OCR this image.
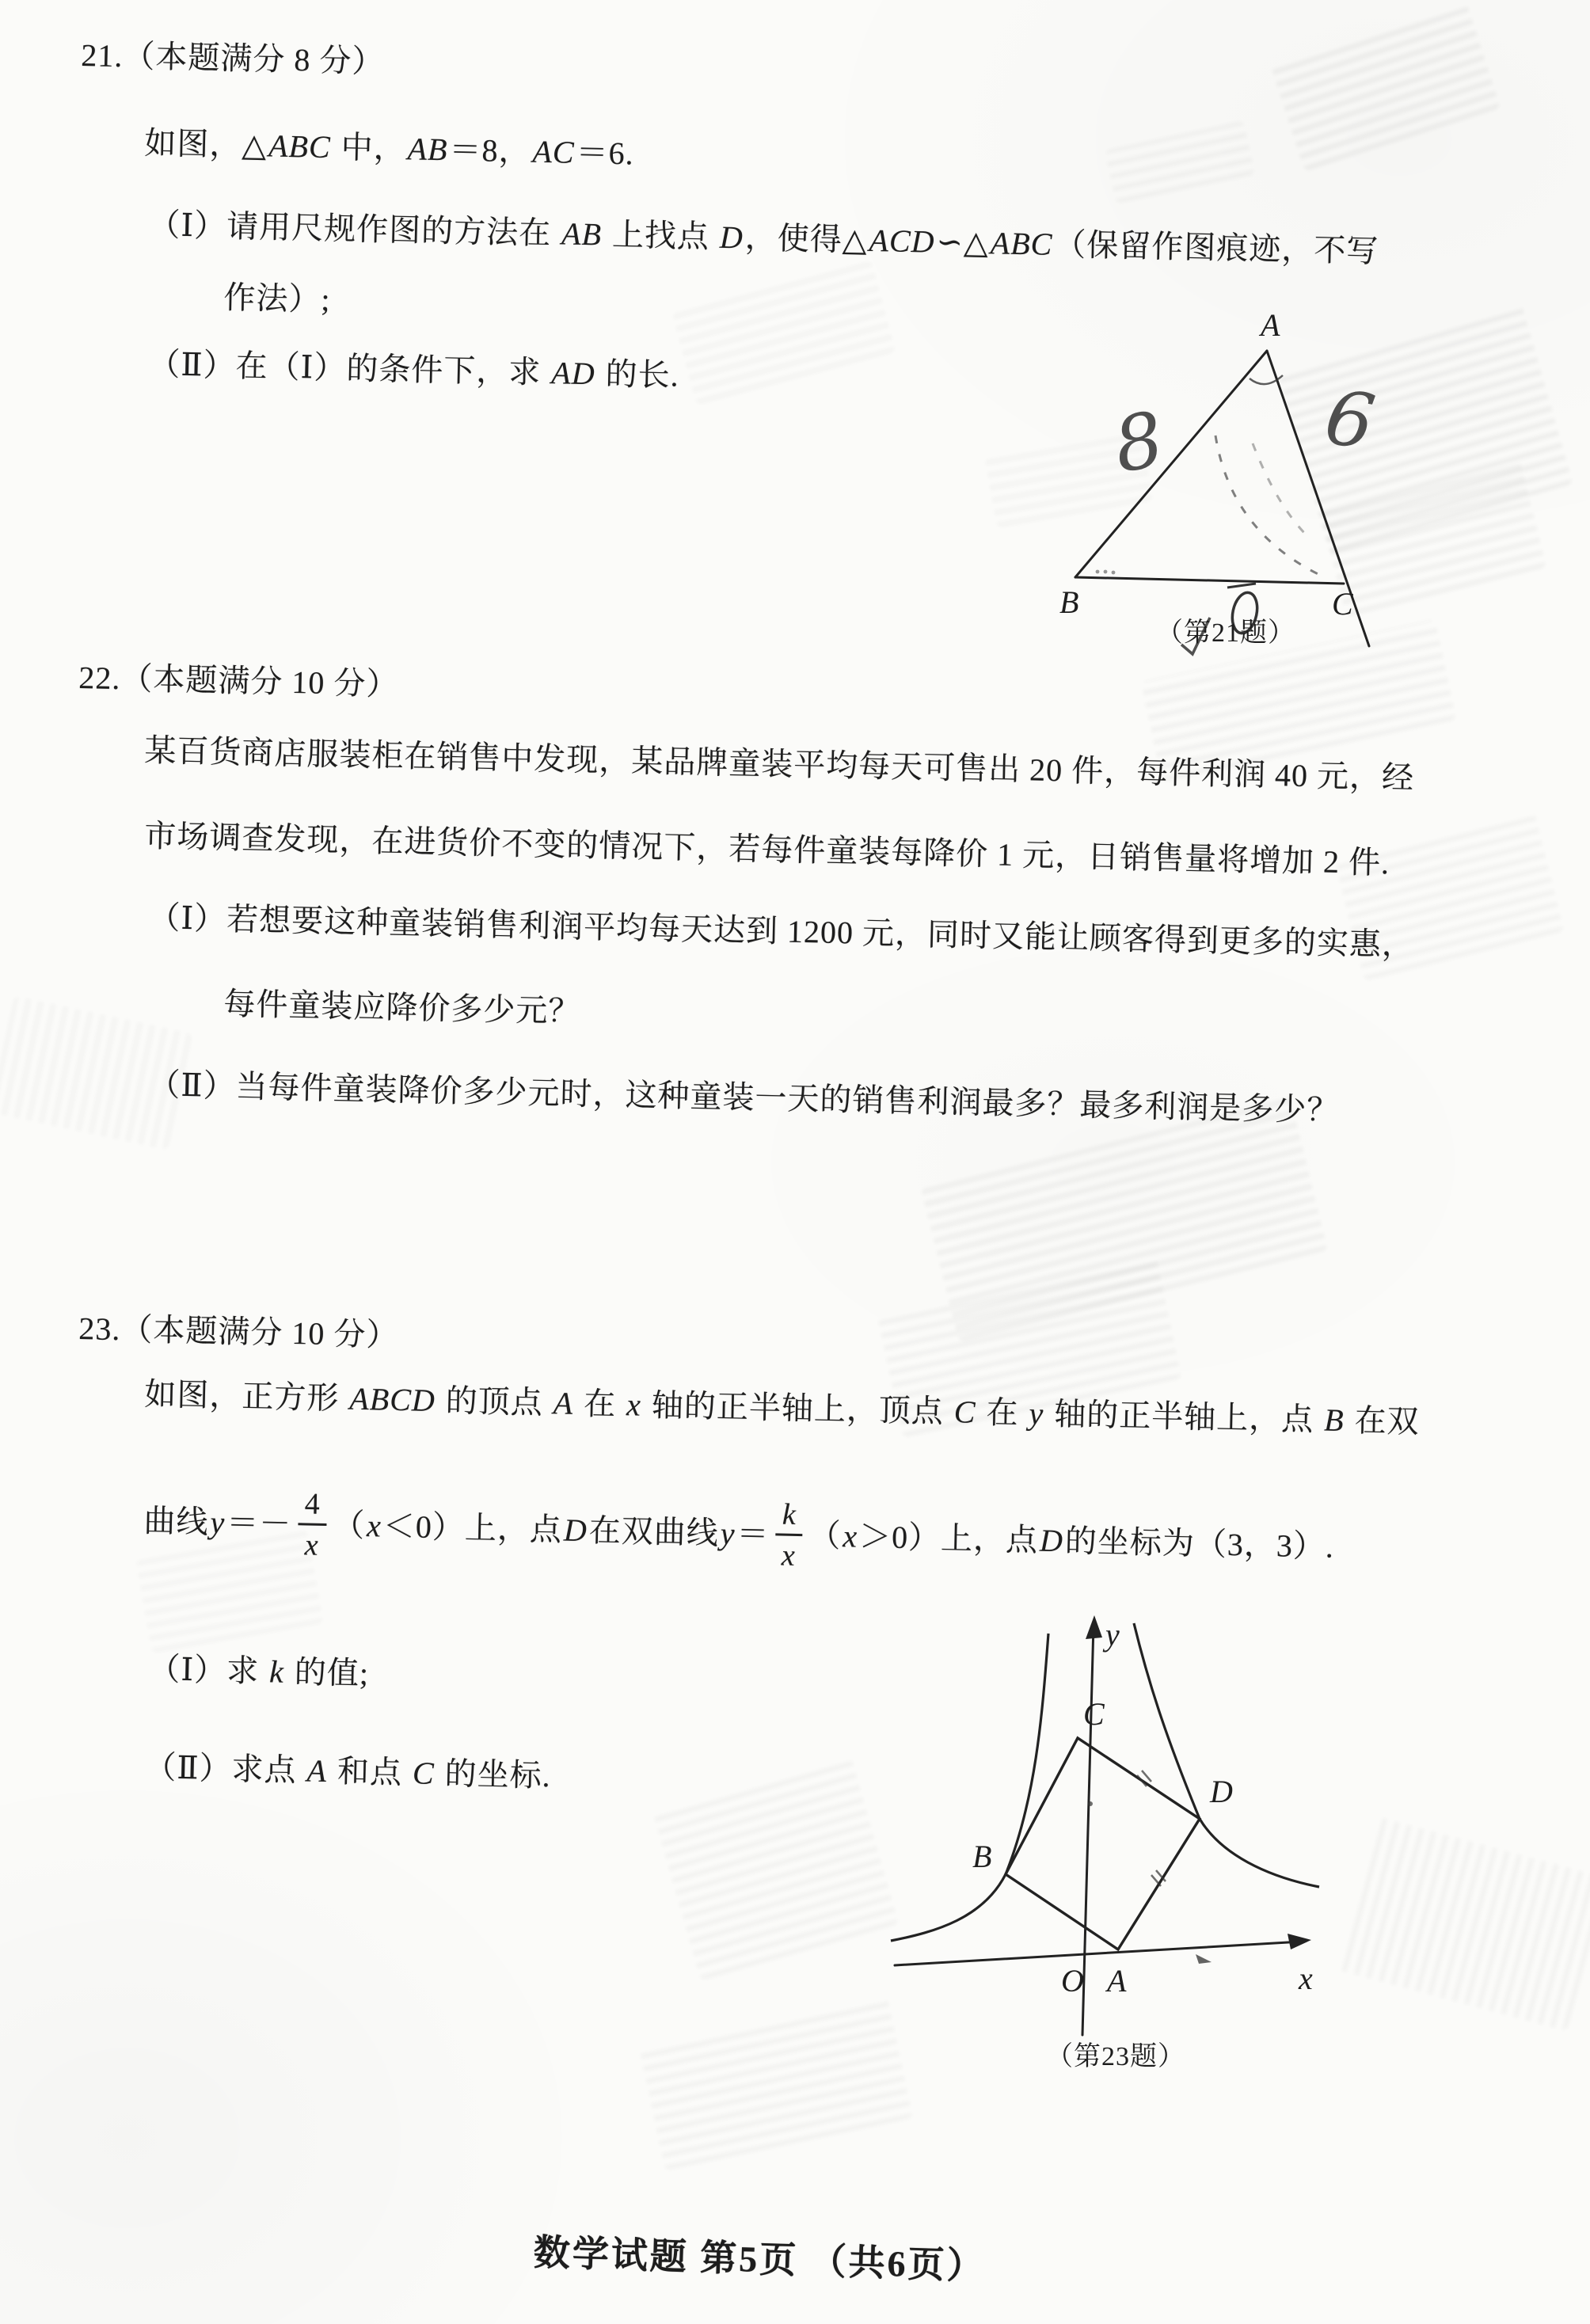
21.（本题满分 8 分）
如图，△ABC 中，AB＝8，AC＝6.
（Ⅰ）请用尺规作图的方法在 AB 上找点 D，使得△ACD∽△ABC（保留作图痕迹，不写
作法）;
（Ⅱ）在（Ⅰ）的条件下，求 AD 的长.
8 6
A
B	C
（第21题）
22.（本题满分 10 分）
某百货商店服装柜在销售中发现，某品牌童装平均每天可售出 20 件，每件利润 40 元，经
市场调查发现，在进货价不变的情况下，若每件童装每降价 1 元，日销售量将增加 2 件.
（Ⅰ）若想要这种童装销售利润平均每天达到 1200 元，同时又能让顾客得到更多的实惠，
每件童装应降价多少元？
（Ⅱ）当每件童装降价多少元时，这种童装一天的销售利润最多？最多利润是多少？
23.（本题满分 10 分）
如图，正方形 ABCD 的顶点 A 在 x 轴的正半轴上，顶点 C 在 y 轴的正半轴上，点 B 在双
曲线 $y =- \frac{4}{x}$ （ x ＜0）上，点 D 在双曲线 $y = \frac{k}{x}$ （ x ＞0）上，点 D 的坐标为（3，3）.
（Ⅰ）求 k 的值;
（Ⅱ）求点 A 和点 C 的坐标.
y
x
O A
B
C
D
（第23题）
数学试题 第5页 （共6页）
